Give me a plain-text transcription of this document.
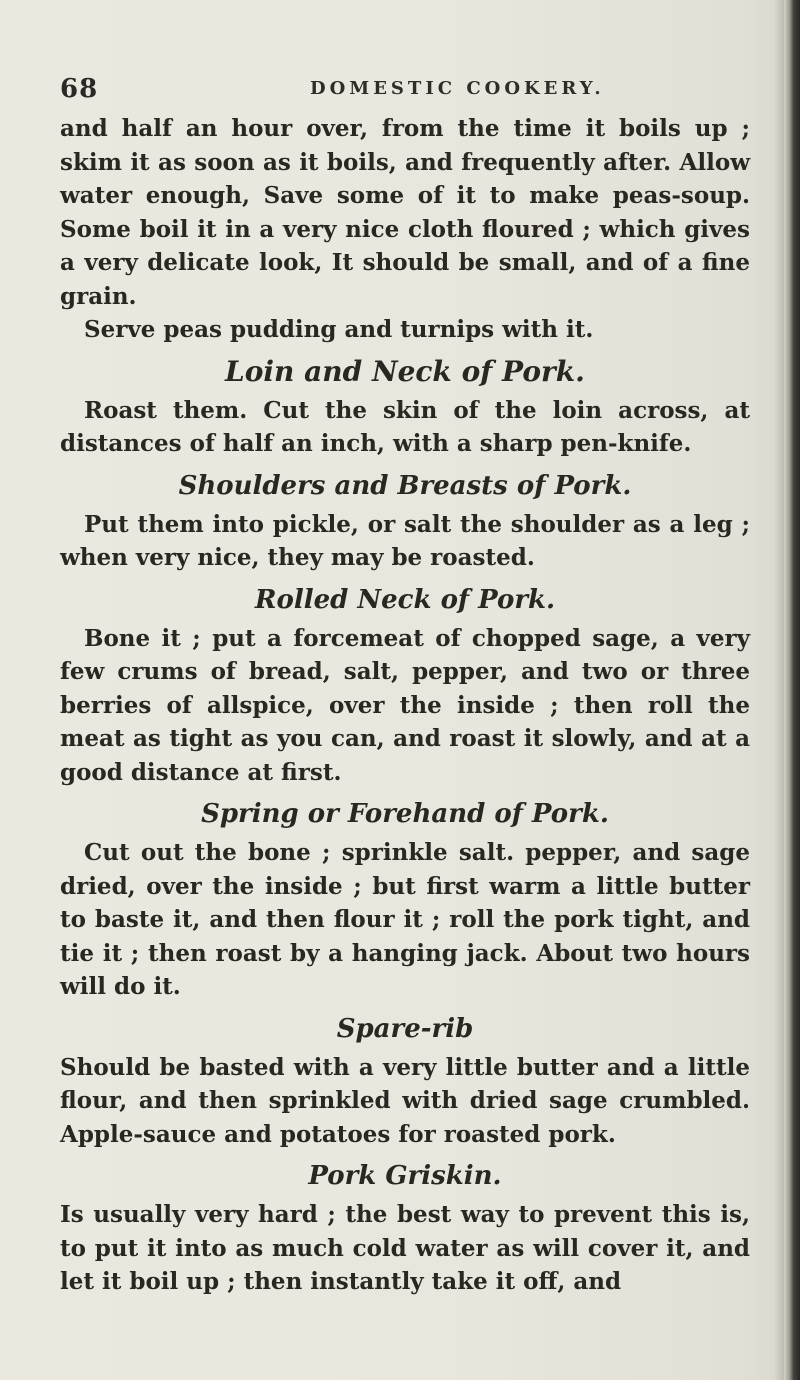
68	DOMESTIC COOKERY.

and half an hour over, from the time it boils up ; skim it as soon as it boils, and frequently after. Allow water enough, Save some of it to make peas-soup. Some boil it in a very nice cloth floured ; which gives a very delicate look, It should be small, and of a fine grain.

Serve peas pudding and turnips with it.

Loin and Neck of Pork.

Roast them. Cut the skin of the loin across, at distances of half an inch, with a sharp pen-knife.

Shoulders and Breasts of Pork.

Put them into pickle, or salt the shoulder as a leg ; when very nice, they may be roasted.

Rolled Neck of Pork.

Bone it ; put a forcemeat of chopped sage, a very few crums of bread, salt, pepper, and two or three berries of allspice, over the inside ; then roll the meat as tight as you can, and roast it slowly, and at a good distance at first.

Spring or Forehand of Pork.

Cut out the bone ; sprinkle salt. pepper, and sage dried, over the inside ; but first warm a little butter to baste it, and then flour it ; roll the pork tight, and tie it ; then roast by a hanging jack. About two hours will do it.

Spare-rib

Should be basted with a very little butter and a little flour, and then sprinkled with dried sage crumbled. Apple-sauce and potatoes for roasted pork.

Pork Griskin.

Is usually very hard ; the best way to prevent this is, to put it into as much cold water as will cover it, and let it boil up ; then instantly take it off, and
